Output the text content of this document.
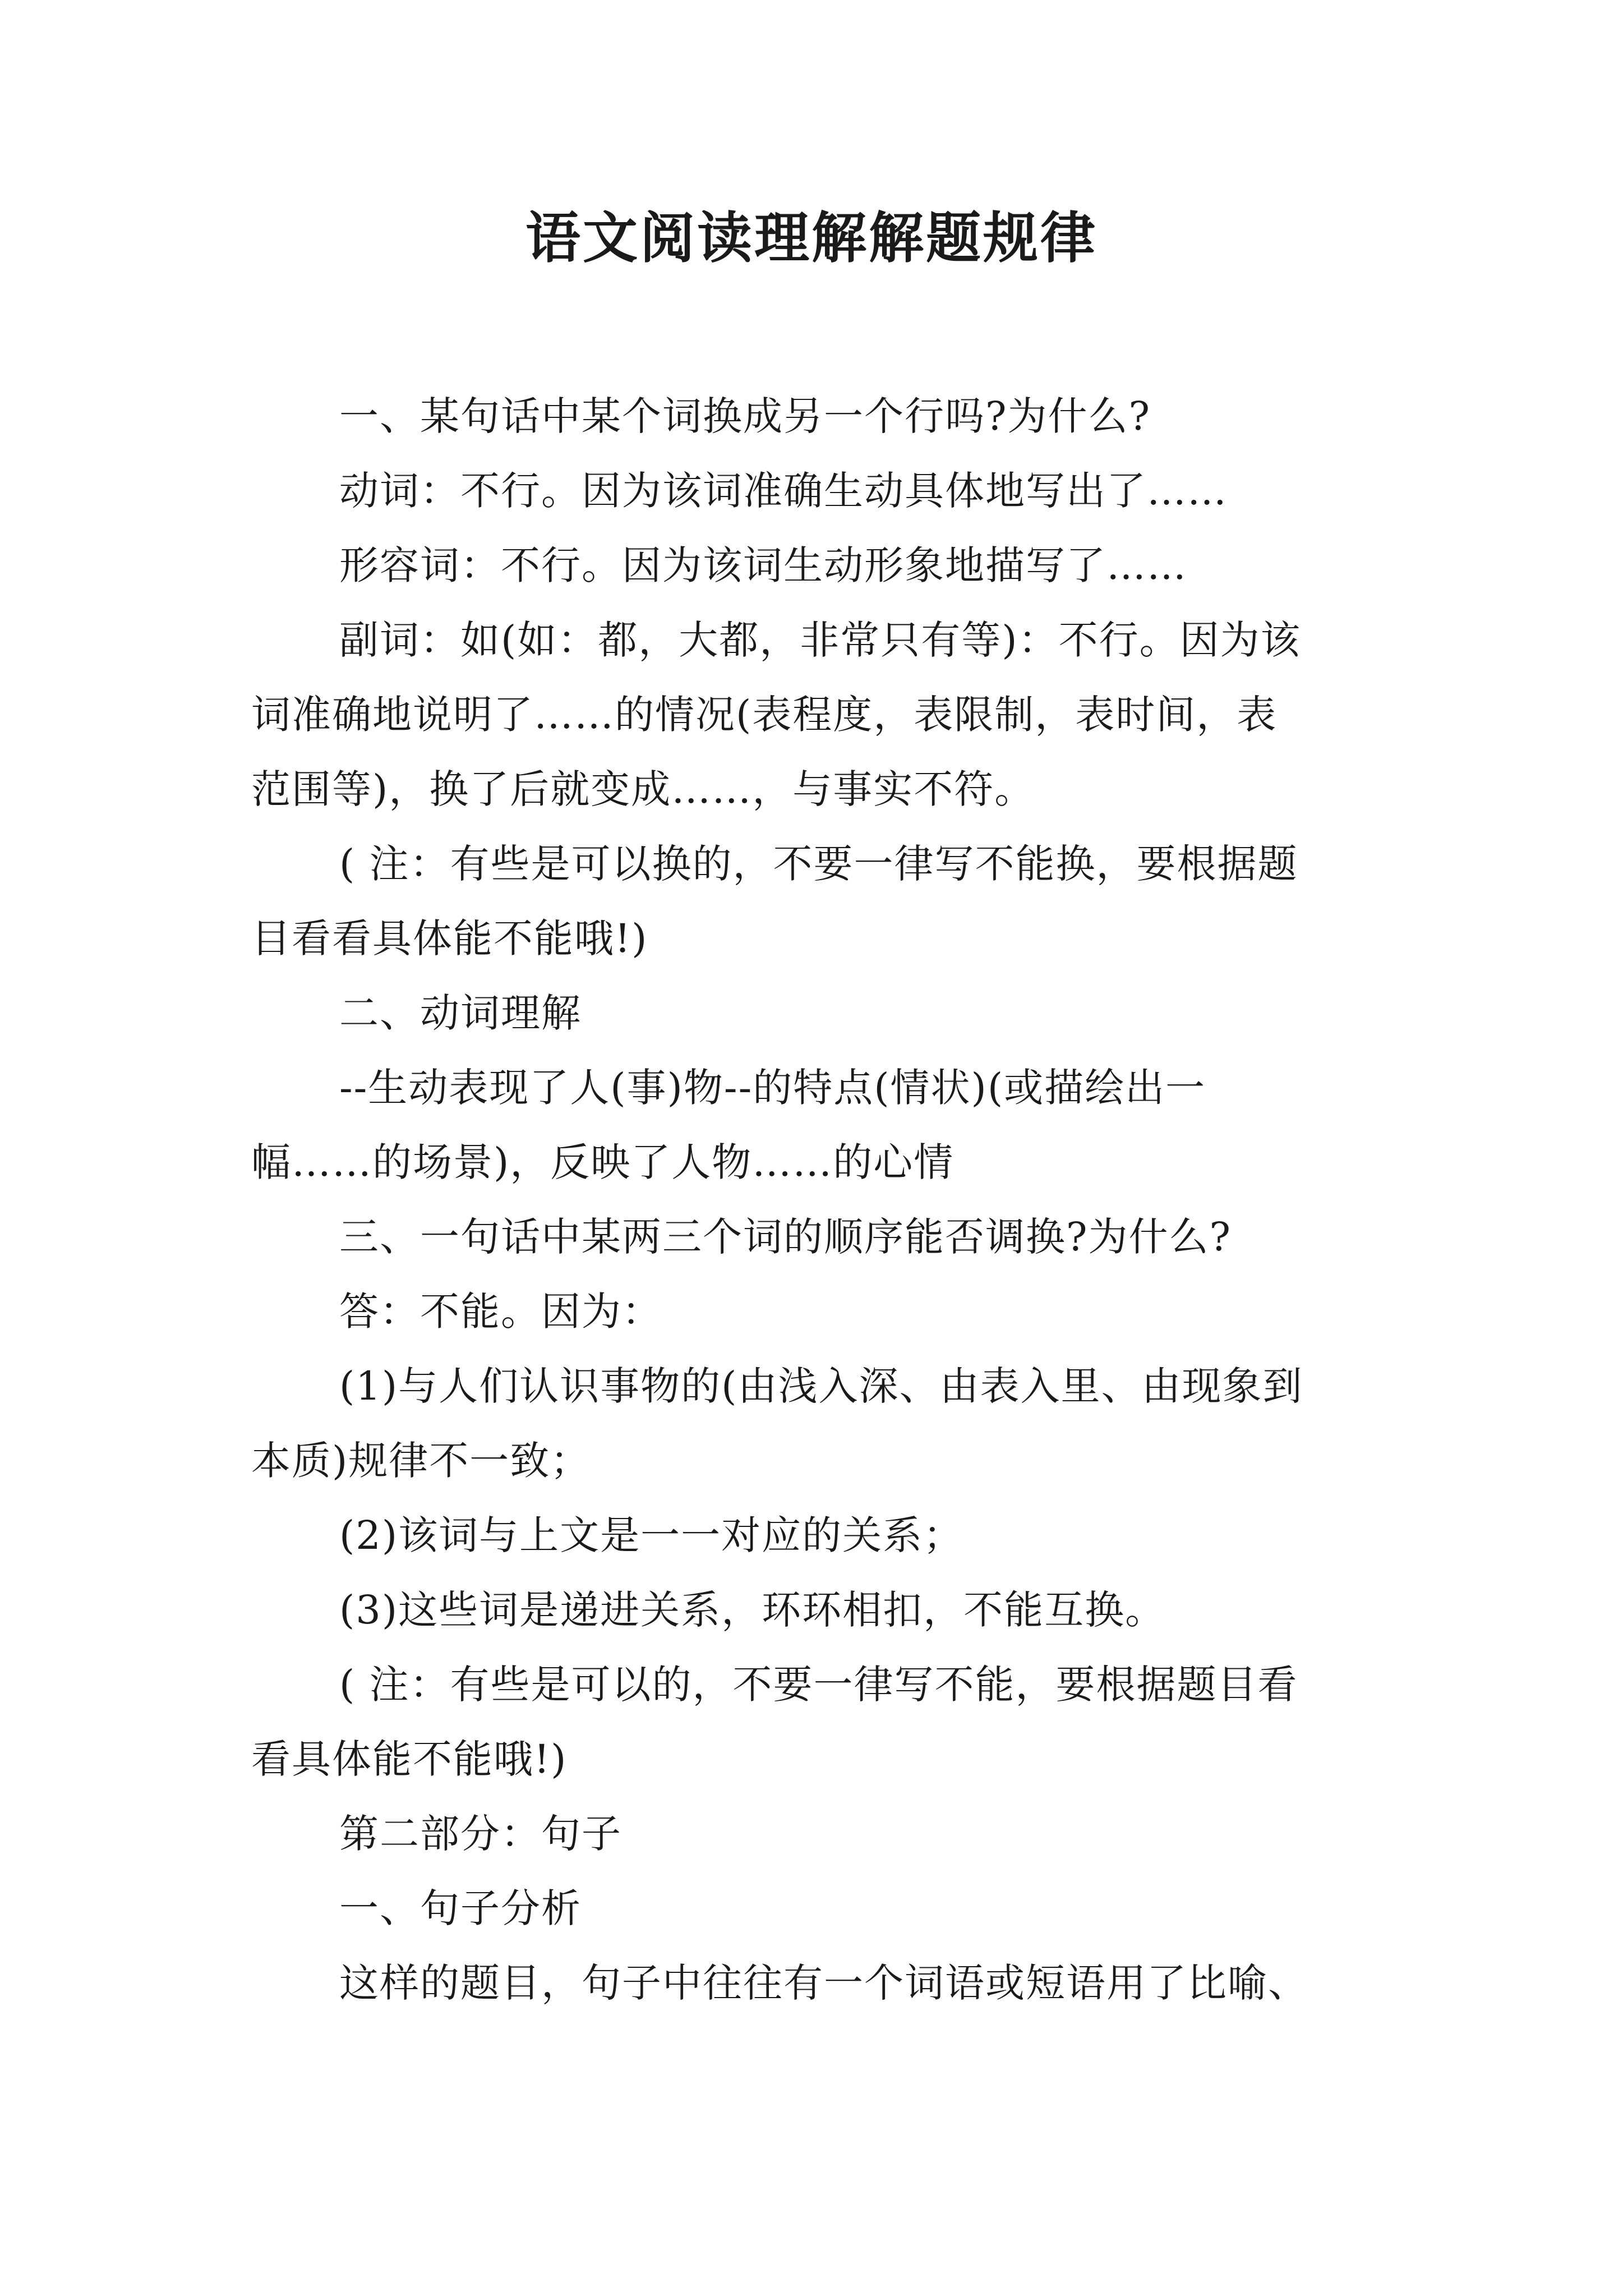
语文阅读理解解题规律

一、某句话中某个词换成另一个行吗?为什么?

动词：不行。因为该词准确生动具体地写出了……

形容词：不行。因为该词生动形象地描写了……

副词：如(如：都，大都，非常只有等)：不行。因为该

词准确地说明了……的情况(表程度，表限制，表时间，表

范围等)，换了后就变成……，与事实不符。

( 注：有些是可以换的，不要一律写不能换，要根据题

目看看具体能不能哦!)

二、动词理解

--生动表现了人(事)物--的特点(情状)(或描绘出一

幅……的场景)，反映了人物……的心情

三、一句话中某两三个词的顺序能否调换?为什么?

答：不能。因为：

(1)与人们认识事物的(由浅入深、由表入里、由现象到

本质)规律不一致；

(2)该词与上文是一一对应的关系；

(3)这些词是递进关系，环环相扣，不能互换。

( 注：有些是可以的，不要一律写不能，要根据题目看

看具体能不能哦!)

第二部分：句子

一、句子分析

这样的题目，句子中往往有一个词语或短语用了比喻、
